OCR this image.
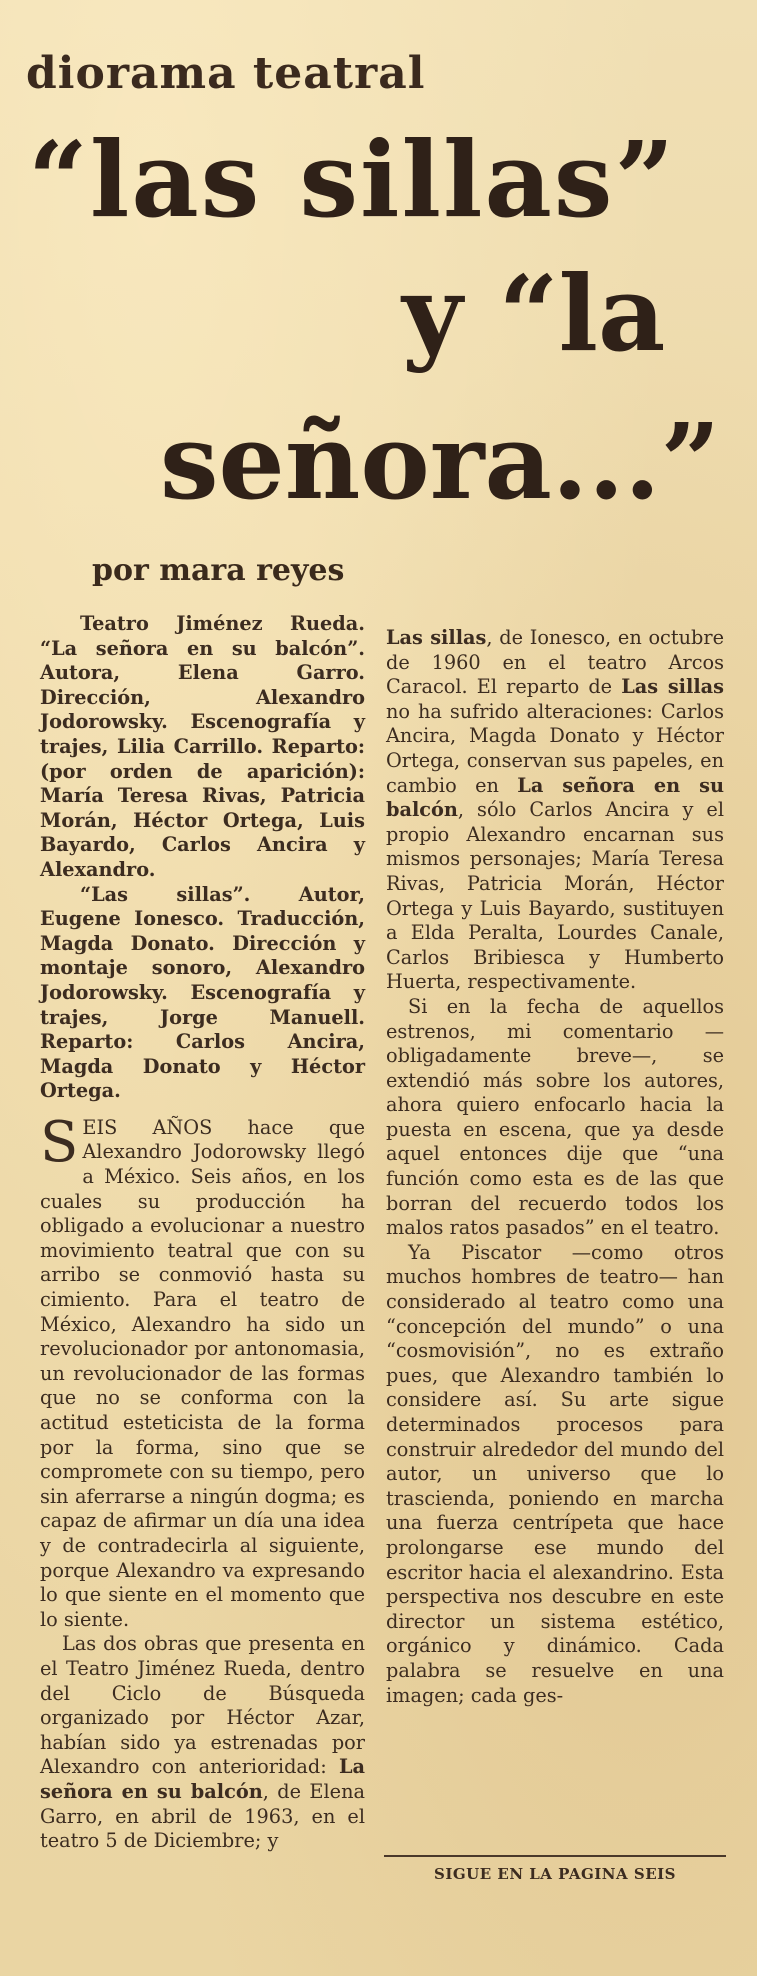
diorama teatral
“las sillas”
y “la
señora...”

por mara reyes

Teatro Jiménez Rueda. “La señora en su balcón”. Autora, Elena Garro. Dirección, Alexandro Jodorowsky. Escenografía y trajes, Lilia Carrillo. Reparto: (por orden de aparición): María Teresa Rivas, Patricia Morán, Héctor Ortega, Luis Bayardo, Carlos Ancira y Alexandro.

“Las sillas”. Autor, Eugene Ionesco. Traducción, Magda Donato. Dirección y montaje sonoro, Alexandro Jodorowsky. Escenografía y trajes, Jorge Manuell. Reparto: Carlos Ancira, Magda Donato y Héctor Ortega.

SEIS AÑOS hace que Alexandro Jodorowsky llegó a México. Seis años, en los cuales su producción ha obligado a evolucionar a nuestro movimiento teatral que con su arribo se conmovió hasta su cimiento. Para el teatro de México, Alexandro ha sido un revolucionador por antonomasia, un revolucionador de las formas que no se conforma con la actitud esteticista de la forma por la forma, sino que se compromete con su tiempo, pero sin aferrarse a ningún dogma; es capaz de afirmar un día una idea y de contradecirla al siguiente, porque Alexandro va expresando lo que siente en el momento que lo siente.

Las dos obras que presenta en el Teatro Jiménez Rueda, dentro del Ciclo de Búsqueda organizado por Héctor Azar, habían sido ya estrenadas por Alexandro con anterioridad: La señora en su balcón, de Elena Garro, en abril de 1963, en el teatro 5 de Diciembre; y

Las sillas, de Ionesco, en octubre de 1960 en el teatro Arcos Caracol. El reparto de Las sillas no ha sufrido alteraciones: Carlos Ancira, Magda Donato y Héctor Ortega, conservan sus papeles, en cambio en La señora en su balcón, sólo Carlos Ancira y el propio Alexandro encarnan sus mismos personajes; María Teresa Rivas, Patricia Morán, Héctor Ortega y Luis Bayardo, sustituyen a Elda Peralta, Lourdes Canale, Carlos Bribiesca y Humberto Huerta, respectivamente.

Si en la fecha de aquellos estrenos, mi comentario —obligadamente breve—, se extendió más sobre los autores, ahora quiero enfocarlo hacia la puesta en escena, que ya desde aquel entonces dije que “una función como esta es de las que borran del recuerdo todos los malos ratos pasados” en el teatro.

Ya Piscator —como otros muchos hombres de teatro— han considerado al teatro como una “concepción del mundo” o una “cosmovisión”, no es extraño pues, que Alexandro también lo considere así. Su arte sigue determinados procesos para construir alrededor del mundo del autor, un universo que lo trascienda, poniendo en marcha una fuerza centrípeta que hace prolongarse ese mundo del escritor hacia el alexandrino. Esta perspectiva nos descubre en este director un sistema estético, orgánico y dinámico. Cada palabra se resuelve en una imagen; cada ges-

SIGUE EN LA PAGINA SEIS
